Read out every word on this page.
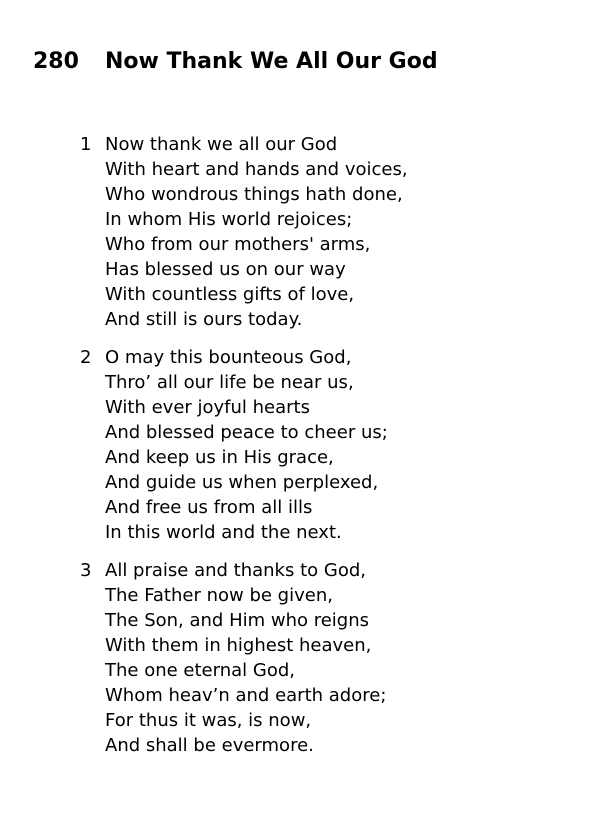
280 Now Thank We All Our God
1 Now thank we all our God
With heart and hands and voices,
Who wondrous things hath done,
In whom His world rejoices;
Who from our mothers' arms,
Has blessed us on our way
With countless gifts of love,
And still is ours today.
2 O may this bounteous God,
Thro’ all our life be near us,
With ever joyful hearts
And blessed peace to cheer us;
And keep us in His grace,
And guide us when perplexed,
And free us from all ills
In this world and the next.
3 All praise and thanks to God,
The Father now be given,
The Son, and Him who reigns
With them in highest heaven,
The one eternal God,
Whom heav’n and earth adore;
For thus it was, is now,
And shall be evermore.
